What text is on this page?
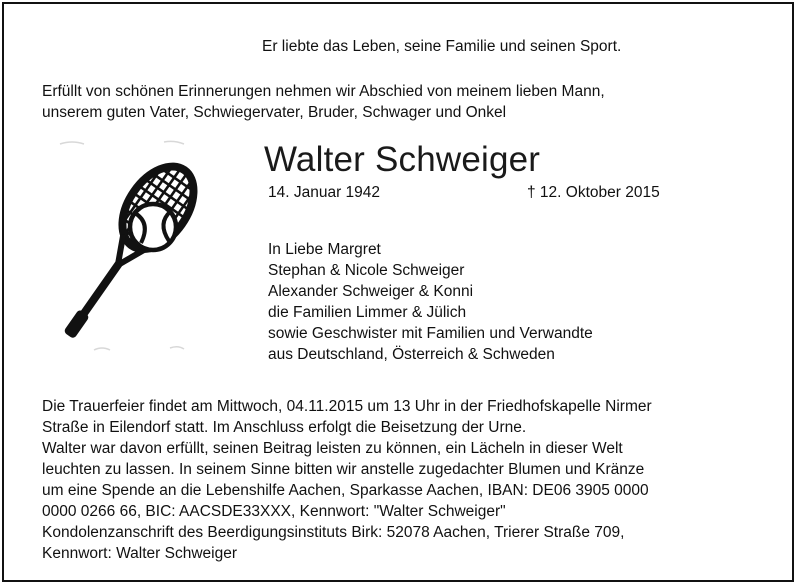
Er liebte das Leben, seine Familie und seinen Sport.

Erfüllt von schönen Erinnerungen nehmen wir Abschied von meinem lieben Mann,
unserem guten Vater, Schwiegervater, Bruder, Schwager und Onkel
Walter Schweiger
14. Januar 1942	† 12. Oktober 2015
In Liebe Margret
Stephan & Nicole Schweiger
Alexander Schweiger & Konni
die Familien Limmer & Jülich
sowie Geschwister mit Familien und Verwandte
aus Deutschland, Österreich & Schweden
Die Trauerfeier findet am Mittwoch, 04.11.2015 um 13 Uhr in der Friedhofskapelle Nirmer
Straße in Eilendorf statt. Im Anschluss erfolgt die Beisetzung der Urne.
Walter war davon erfüllt, seinen Beitrag leisten zu können, ein Lächeln in dieser Welt
leuchten zu lassen. In seinem Sinne bitten wir anstelle zugedachter Blumen und Kränze
um eine Spende an die Lebenshilfe Aachen, Sparkasse Aachen, IBAN: DE06 3905 0000
0000 0266 66, BIC: AACSDE33XXX, Kennwort: "Walter Schweiger"
Kondolenzanschrift des Beerdigungsinstituts Birk: 52078 Aachen, Trierer Straße 709,
Kennwort: Walter Schweiger
